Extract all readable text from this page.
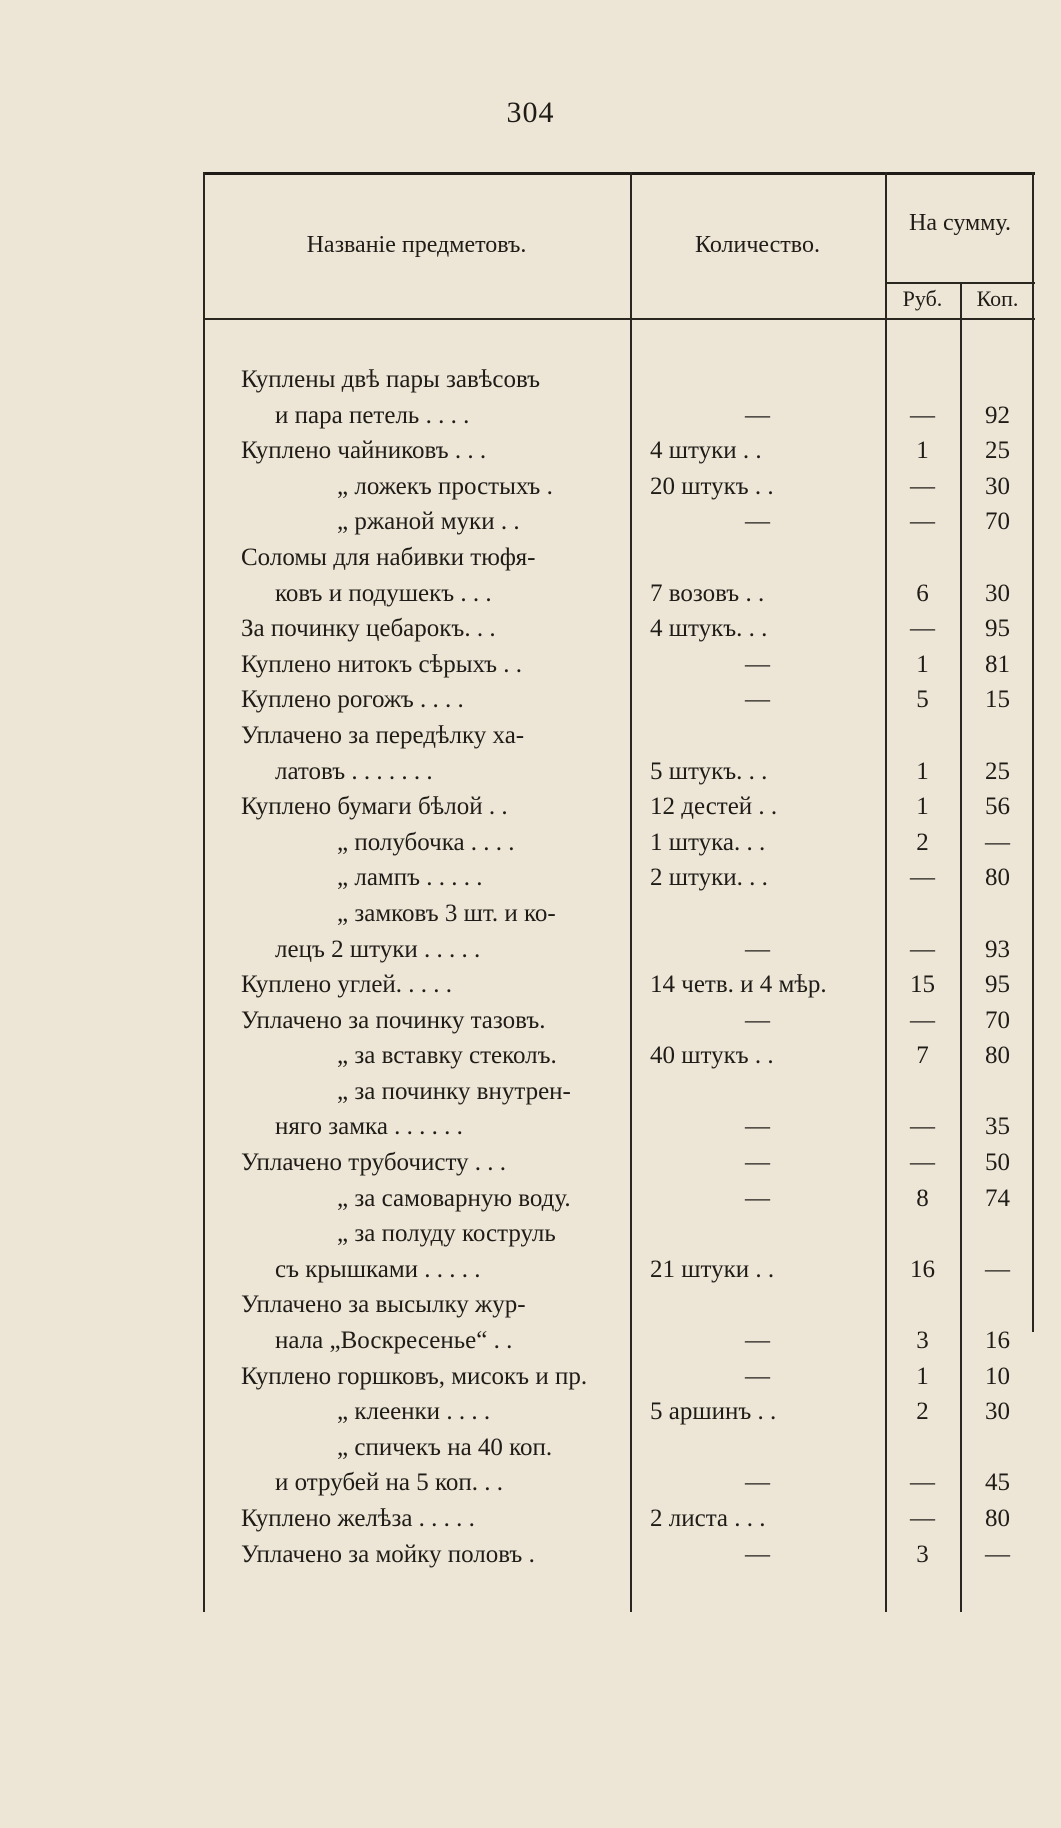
304
Названіе предметовъ.	Количество.
На сумму.
Руб.	Коп.
Куплены двѣ пары завѣсовъ
и пара петель . . . .	—	—	92
Куплено чайниковъ . . .	4 штуки . .	1	25
„ ложекъ простыхъ .	20 штукъ . .	—	30
„ ржаной муки . .	—	—	70
Соломы для набивки тюфя-
ковъ и подушекъ . . .	7 возовъ . .	6	30
За починку цебарокъ. . .	4 штукъ. . .	—	95
Куплено нитокъ сѣрыхъ . .	—	1	81
Куплено рогожъ . . . .	—	5	15
Уплачено за передѣлку ха-
латовъ . . . . . . .	5 штукъ. . .	1	25
Куплено бумаги бѣлой . .	12 дестей . .	1	56
„ полубочка . . . .	1 штука. . .	2	—
„ лампъ . . . . .	2 штуки. . .	—	80
„ замковъ 3 шт. и ко-
лецъ 2 штуки . . . . .	—	—	93
Куплено углей. . . . .	14 четв. и 4 мѣр.	15	95
Уплачено за починку тазовъ.	—	—	70
„ за вставку стеколъ.	40 штукъ . .	7	80
„ за починку внутрен-
няго замка . . . . . .	—	—	35
Уплачено трубочисту . . .	—	—	50
„ за самоварную воду.	—	8	74
„ за полуду коструль
съ крышками . . . . .	21 штуки . .	16	—
Уплачено за высылку жур-
нала „Воскресенье“ . .	—	3	16
Куплено горшковъ, мисокъ и пр.	—	1	10
„ клеенки . . . .	5 аршинъ . .	2	30
„ спичекъ на 40 коп.
и отрубей на 5 коп. . .	—	—	45
Куплено желѣза . . . . .	2 листа . . .	—	80
Уплачено за мойку половъ .	—	3	—
